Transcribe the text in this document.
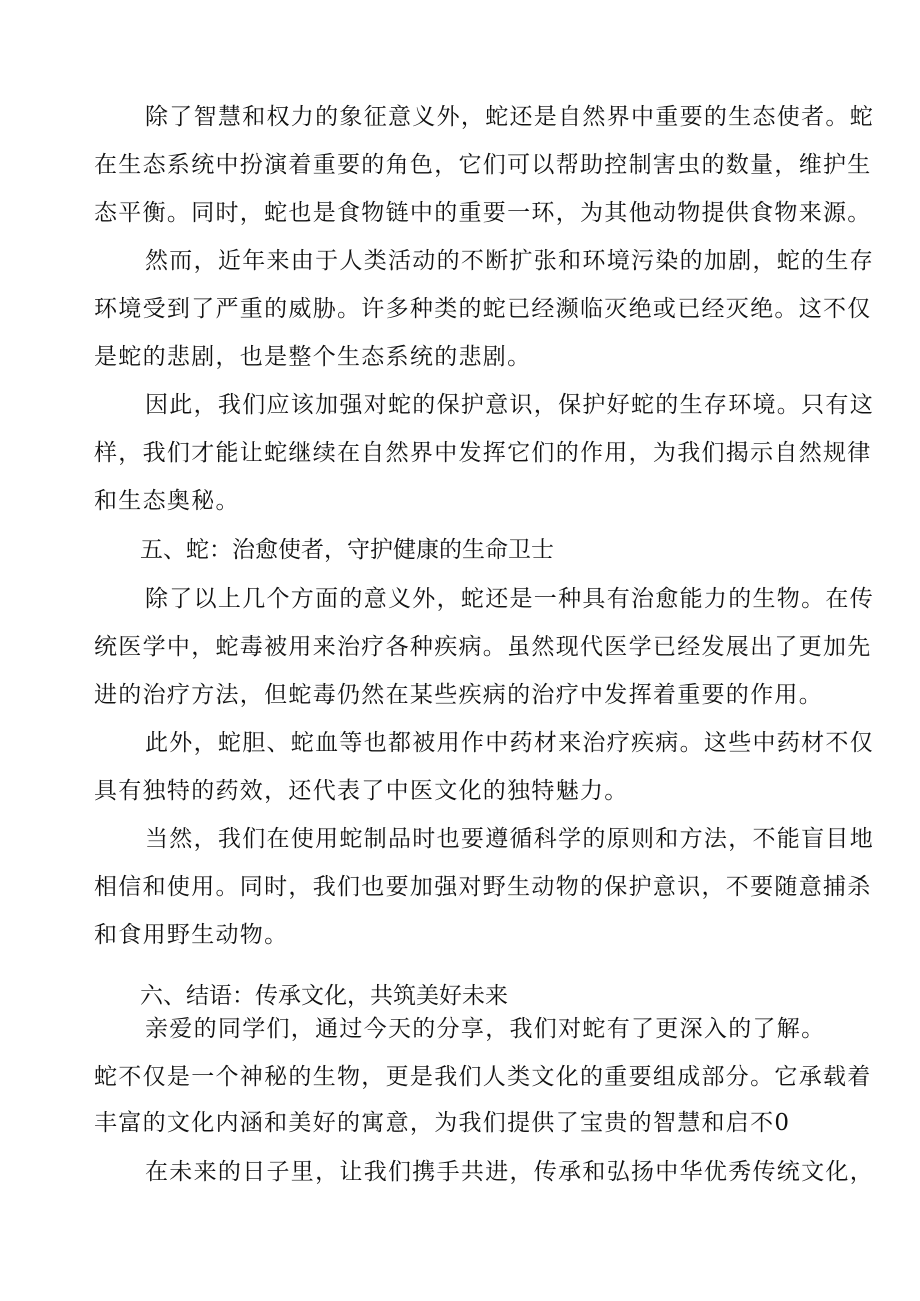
除了智慧和权力的象征意义外，蛇还是自然界中重要的生态使者。蛇
在生态系统中扮演着重要的角色，它们可以帮助控制害虫的数量，维护生
态平衡。同时，蛇也是食物链中的重要一环，为其他动物提供食物来源。
然而，近年来由于人类活动的不断扩张和环境污染的加剧，蛇的生存
环境受到了严重的威胁。许多种类的蛇已经濒临灭绝或已经灭绝。这不仅
是蛇的悲剧，也是整个生态系统的悲剧。
因此，我们应该加强对蛇的保护意识，保护好蛇的生存环境。只有这
样，我们才能让蛇继续在自然界中发挥它们的作用，为我们揭示自然规律
和生态奥秘。
五、蛇：治愈使者，守护健康的生命卫士
除了以上几个方面的意义外，蛇还是一种具有治愈能力的生物。在传
统医学中，蛇毒被用来治疗各种疾病。虽然现代医学已经发展出了更加先
进的治疗方法，但蛇毒仍然在某些疾病的治疗中发挥着重要的作用。
此外，蛇胆、蛇血等也都被用作中药材来治疗疾病。这些中药材不仅
具有独特的药效，还代表了中医文化的独特魅力。
当然，我们在使用蛇制品时也要遵循科学的原则和方法，不能盲目地
相信和使用。同时，我们也要加强对野生动物的保护意识，不要随意捕杀
和食用野生动物。
六、结语：传承文化，共筑美好未来
亲爱的同学们，通过今天的分享，我们对蛇有了更深入的了解。
蛇不仅是一个神秘的生物，更是我们人类文化的重要组成部分。它承载着
丰富的文化内涵和美好的寓意，为我们提供了宝贵的智慧和启不0
在未来的日子里，让我们携手共进，传承和弘扬中华优秀传统文化，
